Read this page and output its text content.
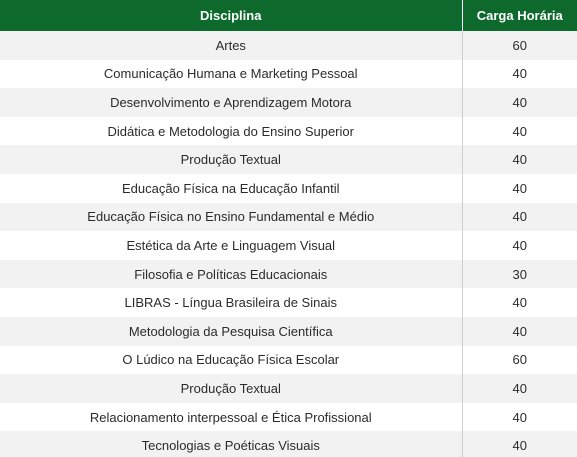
Disciplina	Carga Horária
Artes	60
Comunicação Humana e Marketing Pessoal	40
Desenvolvimento e Aprendizagem Motora	40
Didática e Metodologia do Ensino Superior	40
Produção Textual	40
Educação Física na Educação Infantil	40
Educação Física no Ensino Fundamental e Médio	40
Estética da Arte e Linguagem Visual	40
Filosofia e Políticas Educacionais	30
LIBRAS - Língua Brasileira de Sinais	40
Metodologia da Pesquisa Científica	40
O Lúdico na Educação Física Escolar	60
Produção Textual	40
Relacionamento interpessoal e Ética Profissional	40
Tecnologias e Poéticas Visuais	40
